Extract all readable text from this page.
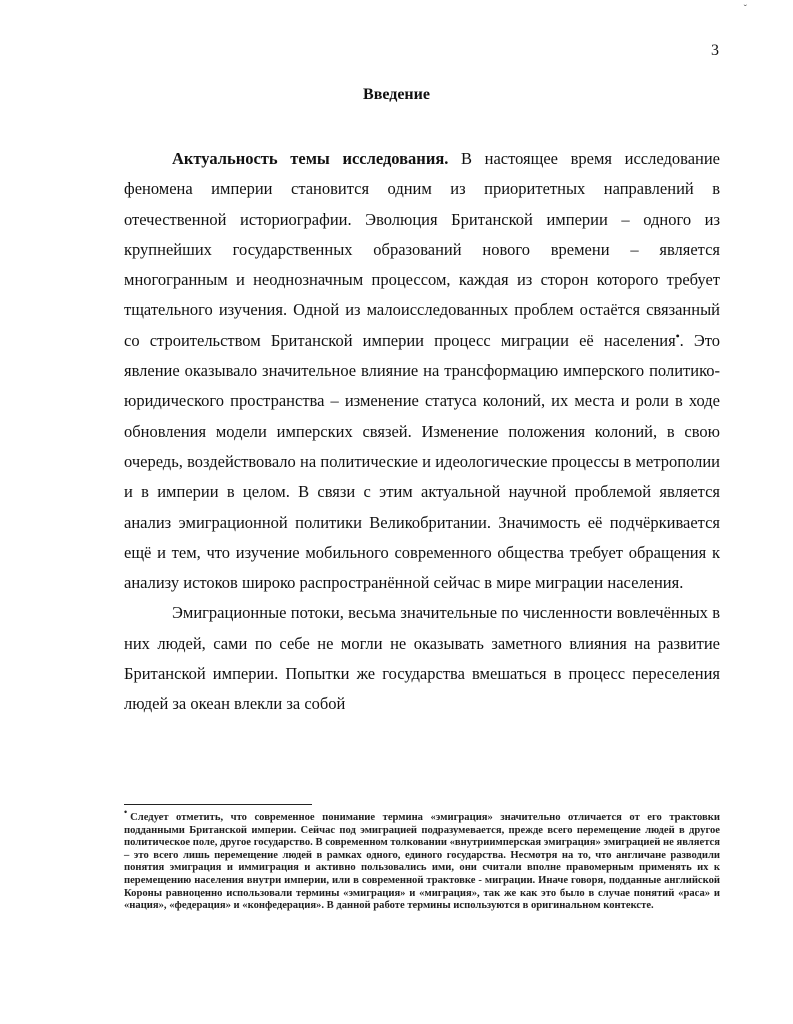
ˇ
3
Введение

Актуальность темы исследования. В настоящее время исследование феномена империи становится одним из приоритетных направлений в отечественной историографии. Эволюция Британской империи – одного из крупнейших государственных образований нового времени – является многогранным и неоднозначным процессом, каждая из сторон которого требует тщательного изучения. Одной из малоисследованных проблем остаётся связанный со строительством Британской империи процесс миграции её населения•. Это явление оказывало значительное влияние на трансформацию имперского политико-юридического пространства – изменение статуса колоний, их места и роли в ходе обновления модели имперских связей. Изменение положения колоний, в свою очередь, воздействовало на политические и идеологические процессы в метрополии и в империи в целом. В связи с этим актуальной научной проблемой является анализ эмиграционной политики Великобритании. Значимость её подчёркивается ещё и тем, что изучение мобильного современного общества требует обращения к анализу истоков широко распространённой сейчас в мире миграции населения.

Эмиграционные потоки, весьма значительные по численности вовлечённых в них людей, сами по себе не могли не оказывать заметного влияния на развитие Британской империи. Попытки же государства вмешаться в процесс переселения людей за океан влекли за собой

• Следует отметить, что современное понимание термина «эмиграция» значительно отличается от его трактовки подданными Британской империи. Сейчас под эмиграцией подразумевается, прежде всего перемещение людей в другое политическое поле, другое государство. В современном толковании «внутриимперская эмиграция» эмиграцией не является – это всего лишь перемещение людей в рамках одного, единого государства. Несмотря на то, что англичане разводили понятия эмиграция и иммиграция и активно пользовались ими, они считали вполне правомерным применять их к перемещению населения внутри империи, или в современной трактовке - миграции. Иначе говоря, подданные английской Короны равноценно использовали термины «эмиграция» и «миграция», так же как это было в случае понятий «раса» и «нация», «федерация» и «конфедерация». В данной работе термины используются в оригинальном контексте.
